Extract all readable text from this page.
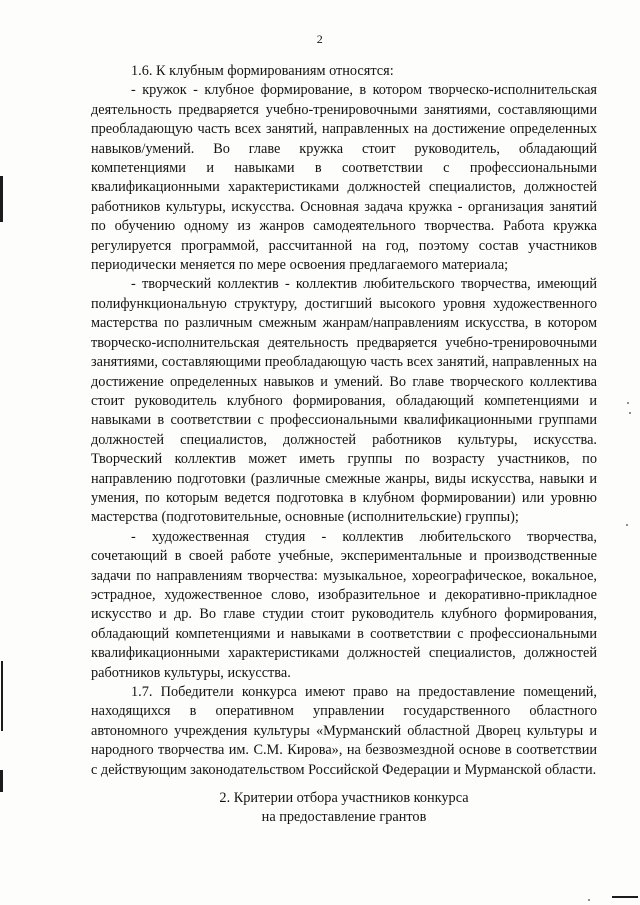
2

1.6. К клубным формированиям относятся:

- кружок - клубное формирование, в котором творческо-исполнительская деятельность предваряется учебно-тренировочными занятиями, составляющими преобладающую часть всех занятий, направленных на достижение определенных навыков/умений. Во главе кружка стоит руководитель, обладающий компетенциями и навыками в соответствии с профессиональными квалификационными характеристиками должностей специалистов, должностей работников культуры, искусства. Основная задача кружка - организация занятий по обучению одному из жанров самодеятельного творчества. Работа кружка регулируется программой, рассчитанной на год, поэтому состав участников периодически меняется по мере освоения предлагаемого материала;

- творческий коллектив - коллектив любительского творчества, имеющий полифункциональную структуру, достигший высокого уровня художественного мастерства по различным смежным жанрам/направлениям искусства, в котором творческо-исполнительская деятельность предваряется учебно-тренировочными занятиями, составляющими преобладающую часть всех занятий, направленных на достижение определенных навыков и умений. Во главе творческого коллектива стоит руководитель клубного формирования, обладающий компетенциями и навыками в соответствии с профессиональными квалификационными группами должностей специалистов, должностей работников культуры, искусства. Творческий коллектив может иметь группы по возрасту участников, по направлению подготовки (различные смежные жанры, виды искусства, навыки и умения, по которым ведется подготовка в клубном формировании) или уровню мастерства (подготовительные, основные (исполнительские) группы);

- художественная студия - коллектив любительского творчества, сочетающий в своей работе учебные, экспериментальные и производственные задачи по направлениям творчества: музыкальное, хореографическое, вокальное, эстрадное, художественное слово, изобразительное и декоративно-прикладное искусство и др. Во главе студии стоит руководитель клубного формирования, обладающий компетенциями и навыками в соответствии с профессиональными квалификационными характеристиками должностей специалистов, должностей работников культуры, искусства.

1.7. Победители конкурса имеют право на предоставление помещений, находящихся в оперативном управлении государственного областного автономного учреждения культуры «Мурманский областной Дворец культуры и народного творчества им. С.М. Кирова», на безвозмездной основе в соответствии с действующим законодательством Российской Федерации и Мурманской области.

2. Критерии отбора участников конкурса
на предоставление грантов
